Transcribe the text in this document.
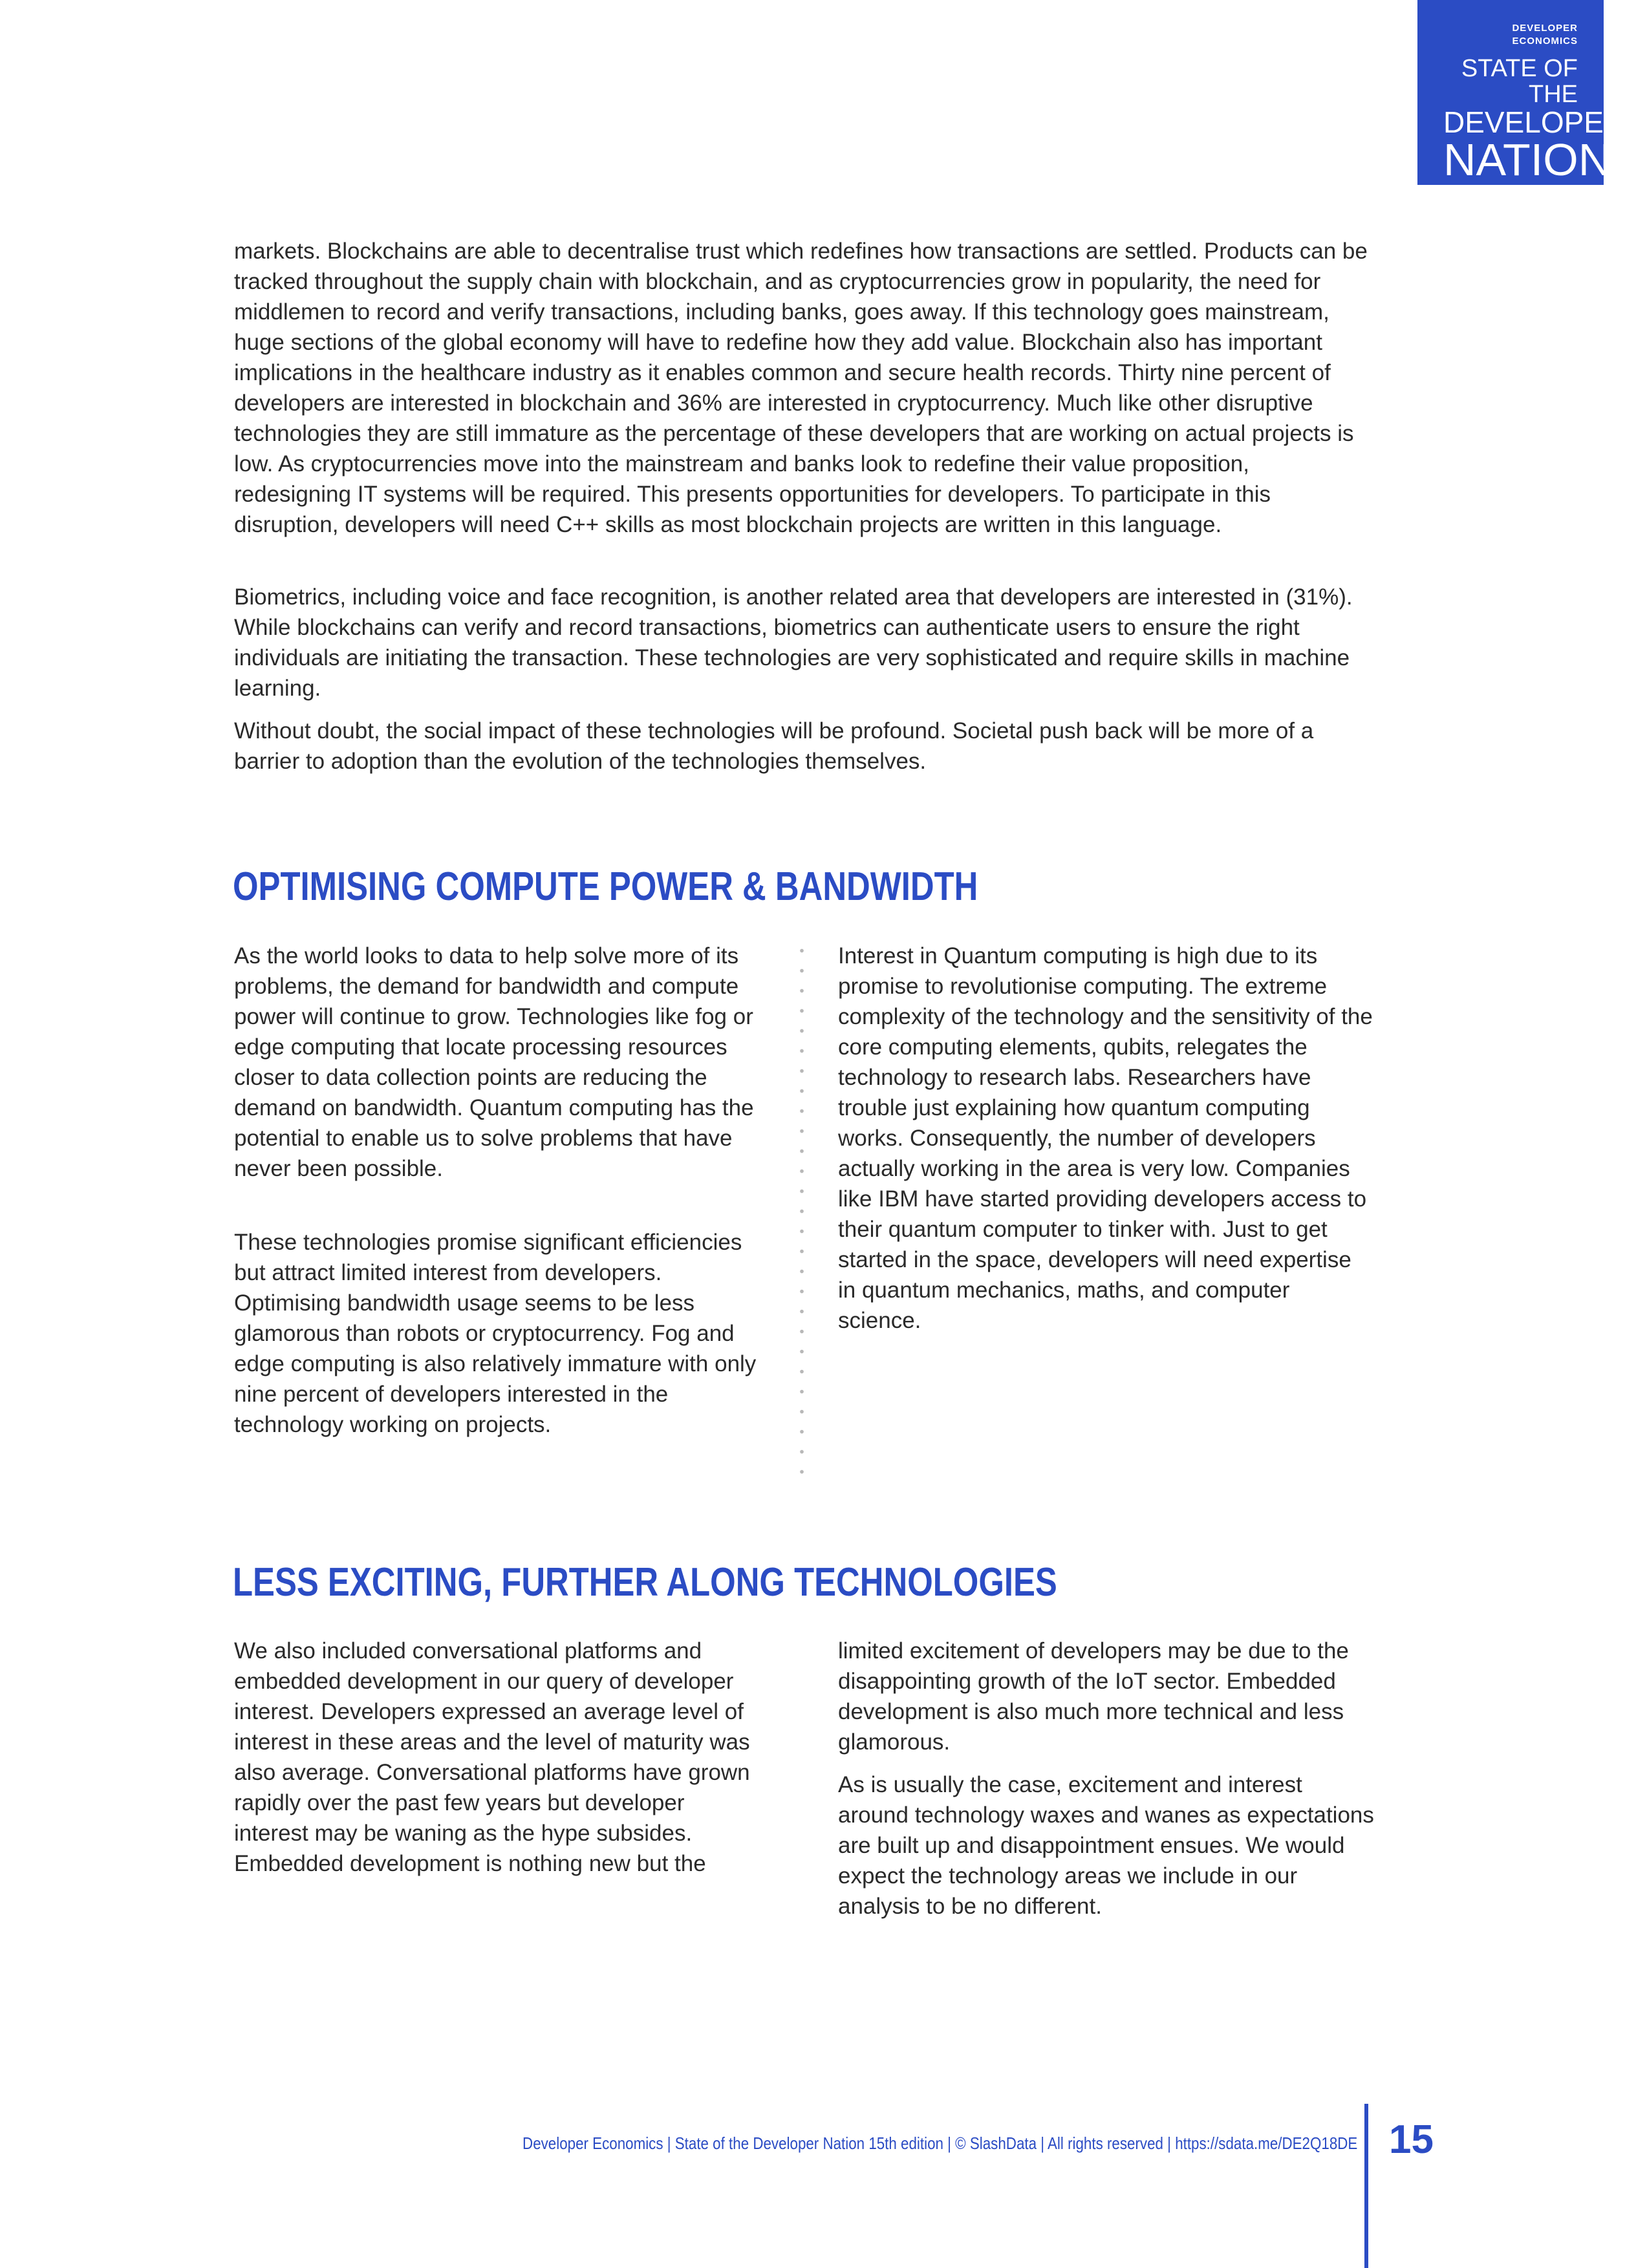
DEVELOPER ECONOMICS
STATE OF THE
DEVELOPER
NATION
15TH EDITION

markets. Blockchains are able to decentralise trust which redefines how transactions are settled. Products can be tracked throughout the supply chain with blockchain, and as cryptocurrencies grow in popularity, the need for middlemen to record and verify transactions, including banks, goes away. If this technology goes mainstream, huge sections of the global economy will have to redefine how they add value. Blockchain also has important implications in the healthcare industry as it enables common and secure health records. Thirty nine percent of developers are interested in blockchain and 36% are interested in cryptocurrency. Much like other disruptive technologies they are still immature as the percentage of these developers that are working on actual projects is low. As cryptocurrencies move into the mainstream and banks look to redefine their value proposition, redesigning IT systems will be required. This presents opportunities for developers. To participate in this disruption, developers will need C++ skills as most blockchain projects are written in this language.

Biometrics, including voice and face recognition, is another related area that developers are interested in (31%). While blockchains can verify and record transactions, biometrics can authenticate users to ensure the right individuals are initiating the transaction. These technologies are very sophisticated and require skills in machine learning.

Without doubt, the social impact of these technologies will be profound. Societal push back will be more of a barrier to adoption than the evolution of the technologies themselves.

OPTIMISING COMPUTE POWER & BANDWIDTH

As the world looks to data to help solve more of its problems, the demand for bandwidth and compute power will continue to grow. Technologies like fog or edge computing that locate processing resources closer to data collection points are reducing the demand on bandwidth. Quantum computing has the potential to enable us to solve problems that have never been possible.

These technologies promise significant efficiencies but attract limited interest from developers. Optimising bandwidth usage seems to be less glamorous than robots or cryptocurrency. Fog and edge computing is also relatively immature with only nine percent of developers interested in the technology working on projects.

Interest in Quantum computing is high due to its promise to revolutionise computing. The extreme complexity of the technology and the sensitivity of the core computing elements, qubits, relegates the technology to research labs. Researchers have trouble just explaining how quantum computing works. Consequently, the number of developers actually working in the area is very low. Companies like IBM have started providing developers access to their quantum computer to tinker with. Just to get started in the space, developers will need expertise in quantum mechanics, maths, and computer science.

LESS EXCITING, FURTHER ALONG TECHNOLOGIES

We also included conversational platforms and embedded development in our query of developer interest. Developers expressed an average level of interest in these areas and the level of maturity was also average. Conversational platforms have grown rapidly over the past few years but developer interest may be waning as the hype subsides. Embedded development is nothing new but the

limited excitement of developers may be due to the disappointing growth of the IoT sector. Embedded development is also much more technical and less glamorous.

As is usually the case, excitement and interest around technology waxes and wanes as expectations are built up and disappointment ensues. We would expect the technology areas we include in our analysis to be no different.

Developer Economics | State of the Developer Nation 15th edition | © SlashData | All rights reserved | https://sdata.me/DE2Q18DE 15
